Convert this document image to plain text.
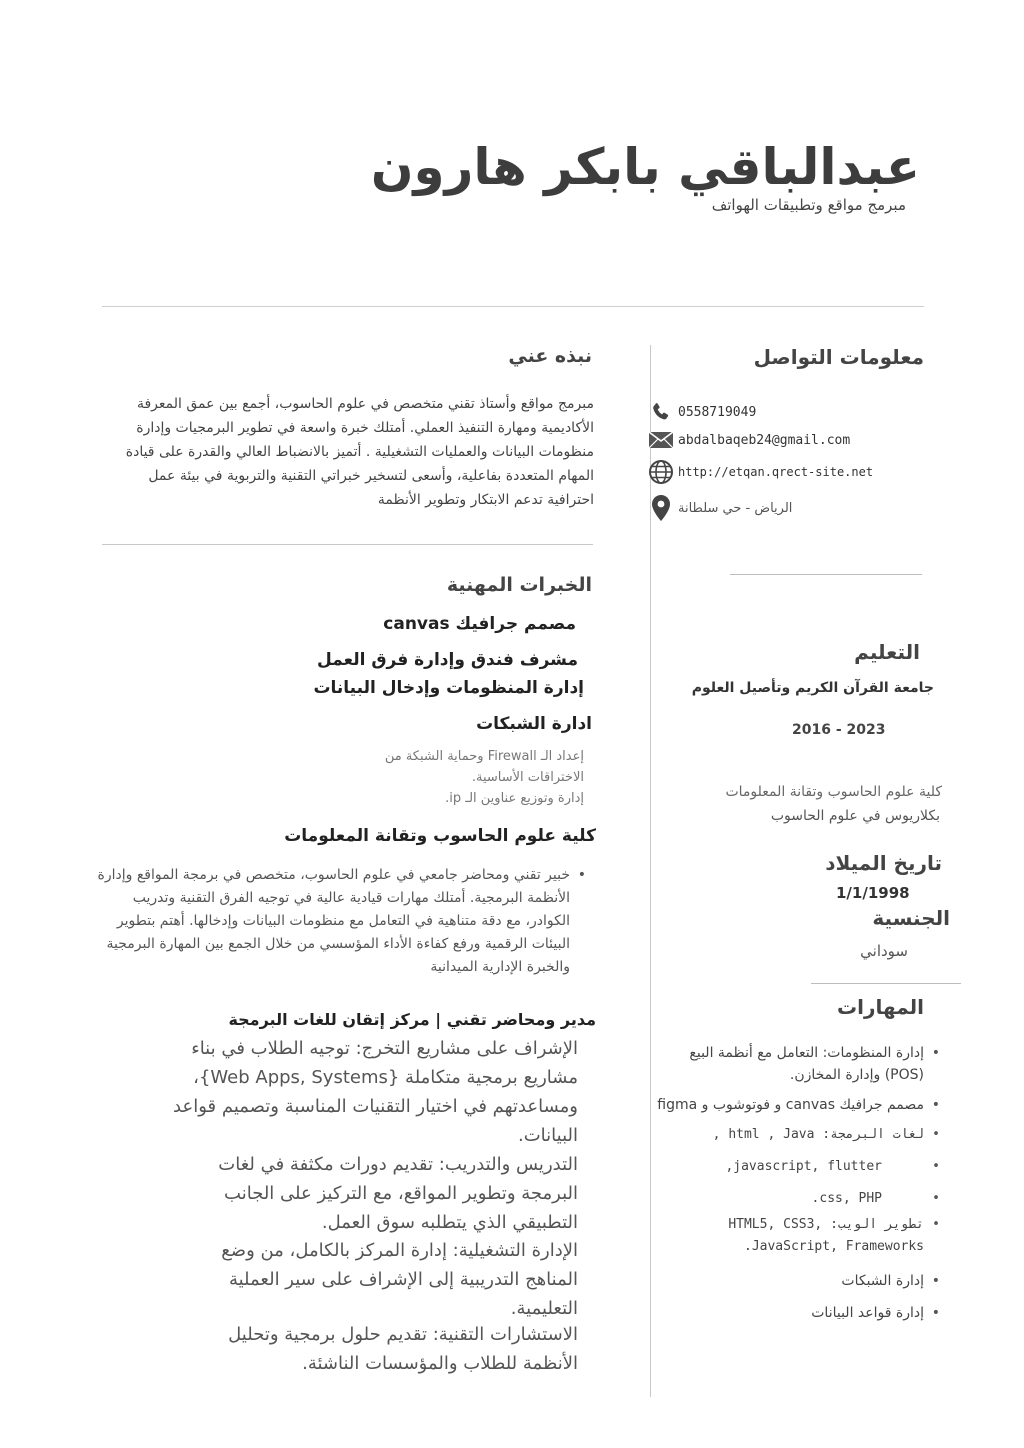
عبدالباقي بابكر هارون
مبرمج مواقع وتطبيقات الهواتف
معلومات التواصل
0558719049
abdalbaqeb24@gmail.com
http://etqan.qrect-site.net
الرياض - حي سلطانة
التعليم
جامعة القرآن الكريم وتأصيل العلوم
2016 - 2023
كلية علوم الحاسوب وتقانة المعلومات
بكلاريوس في علوم الحاسوب
تاريخ الميلاد
1/1/1998
الجنسية
سوداني
المهارات
• إدارة المنظومات: التعامل مع أنظمة البيع (POS) وإدارة المخازن.
• مصمم جرافيك canvas و فوتوشوب و figma
• لغات البرمجة: html , Java ,
• javascript, flutter,
• css, PHP.
• تطوير الويب: HTML5, CSS3, JavaScript, Frameworks.
• إدارة الشبكات
• إدارة قواعد البيانات
نبذه عني
مبرمج مواقع وأستاذ تقني متخصص في علوم الحاسوب، أجمع بين عمق المعرفة الأكاديمية ومهارة التنفيذ العملي. أمتلك خبرة واسعة في تطوير البرمجيات وإدارة منظومات البيانات والعمليات التشغيلية . أتميز بالانضباط العالي والقدرة على قيادة المهام المتعددة بفاعلية، وأسعى لتسخير خبراتي التقنية والتربوية في بيئة عمل احترافية تدعم الابتكار وتطوير الأنظمة
الخبرات المهنية
مصمم جرافيك canvas
مشرف فندق وإدارة فرق العمل
إدارة المنظومات وإدخال البيانات
ادارة الشبكات
إعداد الـ Firewall وحماية الشبكة من
الاختراقات الأساسية.
إدارة وتوزيع عناوين الـ ip.
كلية علوم الحاسوب وتقانة المعلومات
•
خبير تقني ومحاضر جامعي في علوم الحاسوب، متخصص في برمجة المواقع وإدارة الأنظمة البرمجية. أمتلك مهارات قيادية عالية في توجيه الفرق التقنية وتدريب الكوادر، مع دقة متناهية في التعامل مع منظومات البيانات وإدخالها. أهتم بتطوير البيئات الرقمية ورفع كفاءة الأداء المؤسسي من خلال الجمع بين المهارة البرمجية والخبرة الإدارية الميدانية
مدير ومحاضر تقني | مركز إتقان للغات البرمجة
الإشراف على مشاريع التخرج: توجيه الطلاب في بناء مشاريع برمجية متكاملة {Web Apps, Systems}، ومساعدتهم في اختيار التقنيات المناسبة وتصميم قواعد البيانات.
التدريس والتدريب: تقديم دورات مكثفة في لغات البرمجة وتطوير المواقع، مع التركيز على الجانب التطبيقي الذي يتطلبه سوق العمل.
الإدارة التشغيلية: إدارة المركز بالكامل، من وضع المناهج التدريبية إلى الإشراف على سير العملية التعليمية.
الاستشارات التقنية: تقديم حلول برمجية وتحليل الأنظمة للطلاب والمؤسسات الناشئة.
